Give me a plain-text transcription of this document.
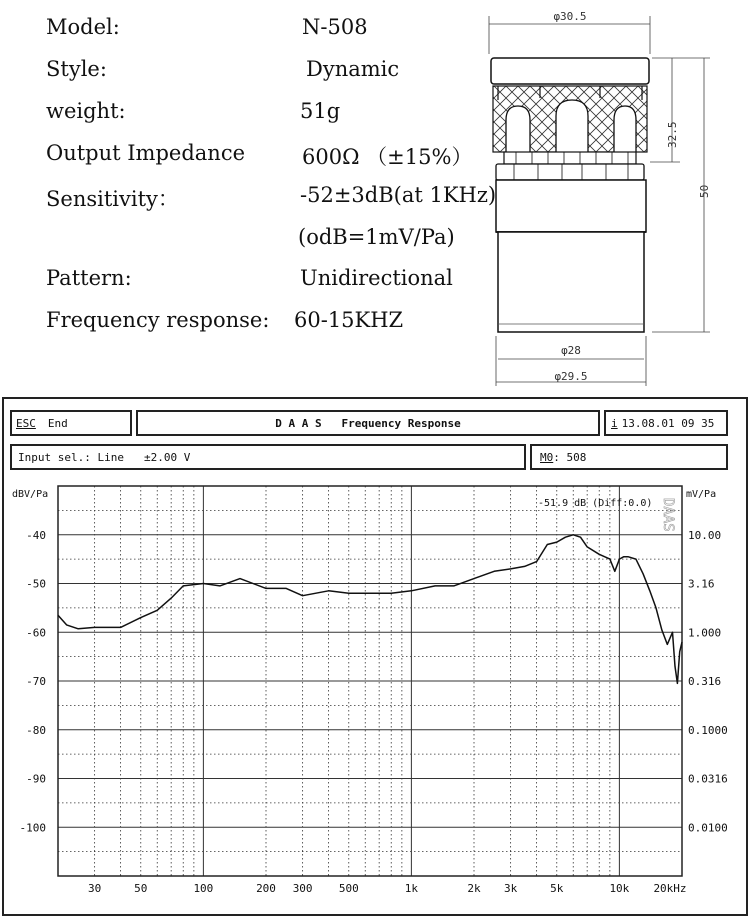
Model:	N-508
Style:	Dynamic
weight:	51g
Output Impedance	600Ω （±15%）
Sensitivity：	-52±3dB(at 1KHz)
(odB=1mV/Pa)
Pattern:	Unidirectional
Frequency response: 60-15KHZ
φ30.5
32.5
50
φ28
φ29.5
ESC End	D A A S   Frequency Response	i 13.08.01 09 35
Input sel.: Line ±2.00 V	M0 : 508
dBV/Pa	mV/Pa
-51.9 dB (Diff:0.0) DAAS
-40
-50
-60
-70
-80
-90
-100
10.00
3.16
1.000
0.316
0.1000
0.0316
0.0100
30	50	100	200 300 500	1k	2k 3k	5k	10k 20kHz
